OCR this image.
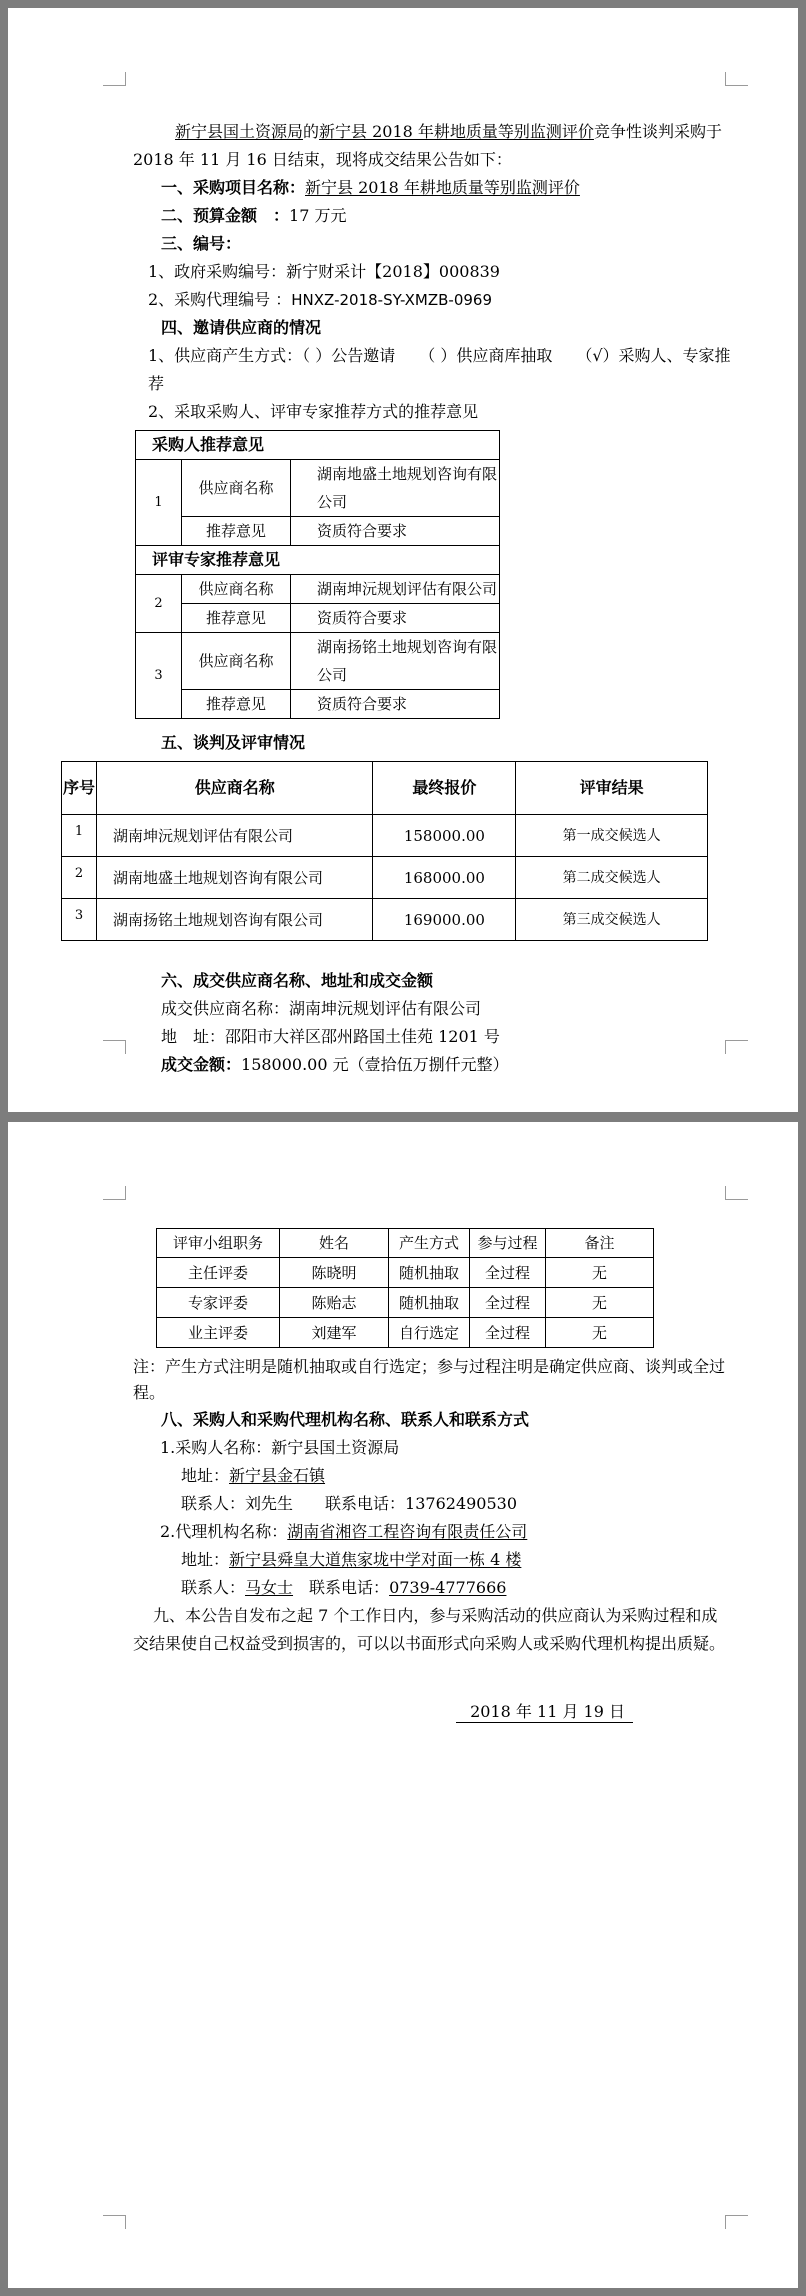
新宁县国土资源局的新宁县 2018 年耕地质量等别监测评价竞争性谈判采购于 2018 年 11 月 16 日结束，现将成交结果公告如下：

一、采购项目名称：新宁县 2018 年耕地质量等别监测评价
二、预算金额　：17 万元
三、编号：
1、政府采购编号：新宁财采计【2018】000839
2、采购代理编号 ：HNXZ-2018-SY-XMZB-0969
四、邀请供应商的情况
1、供应商产生方式：（ ）公告邀请　　（ ）供应商库抽取　　（√）采购人、专家推荐
2、采取采购人、评审专家推荐方式的推荐意见
采购人推荐意见		
1	供应商名称	湖南地盛土地规划咨询有限公司
	推荐意见	资质符合要求
评审专家推荐意见		
2	供应商名称	湖南坤沅规划评估有限公司
	推荐意见	资质符合要求
3	供应商名称	湖南扬铭土地规划咨询有限公司
	推荐意见	资质符合要求
五、谈判及评审情况
序号	供应商名称	最终报价	评审结果
1	湖南坤沅规划评估有限公司	158000.00	第一成交候选人
2	湖南地盛土地规划咨询有限公司	168000.00	第二成交候选人
3	湖南扬铭土地规划咨询有限公司	169000.00	第三成交候选人
六、成交供应商名称、地址和成交金额
成交供应商名称：湖南坤沅规划评估有限公司
地　址：邵阳市大祥区邵州路国土佳苑 1201 号
成交金额：158000.00 元（壹拾伍万捌仟元整）
评审小组职务	姓名	产生方式	参与过程	备注
主任评委	陈晓明	随机抽取	全过程	无
专家评委	陈贻志	随机抽取	全过程	无
业主评委	刘建军	自行选定	全过程	无

注：产生方式注明是随机抽取或自行选定；参与过程注明是确定供应商、谈判或全过程。

八、采购人和采购代理机构名称、联系人和联系方式
1.采购人名称：新宁县国土资源局
地址：新宁县金石镇
联系人：刘先生　　 联系电话：13762490530
2.代理机构名称：湖南省湘咨工程咨询有限责任公司
地址：新宁县舜皇大道焦家垅中学对面一栋 4 楼
联系人：马女士　 联系电话：0739-4777666

九、本公告自发布之起 7 个工作日内，参与采购活动的供应商认为采购过程和成交结果使自己权益受到损害的，可以以书面形式向采购人或采购代理机构提出质疑。

2018 年 11 月 19 日
